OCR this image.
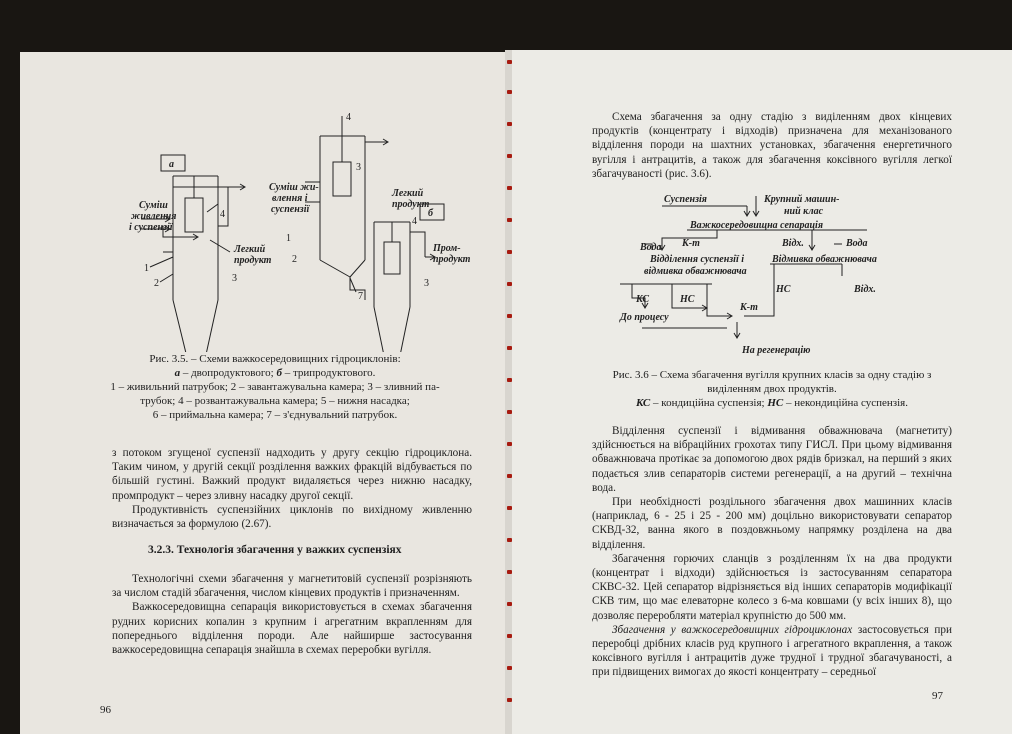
а
б
Суміш
живлення
і суспензії
Легкий
продукт
1
2	3
4
Суміш жи-
влення і
суспензії
Легкий
продукт
Пром-
продукт
1
2
3
3
4
4
7
Рис. 3.5. – Схеми важкосередовищних гідроциклонів:
а – двопродуктового; б – трипродуктового.
1 – живильний патрубок; 2 – завантажувальна камера; 3 – зливний па-
трубок; 4 – розвантажувальна камера; 5 – нижня насадка;
6 – приймальна камера; 7 – з'єднувальний патрубок.

з потоком згущеної суспензії надходить у другу секцію гідроциклона. Таким чином, у другій секції розділення важких фракцій відбувається по більшій густині. Важкий продукт видаляється через нижню насадку, промпродукт – через зливну насадку другої секції.

Продуктивність суспензійних циклонів по вихідному живленню визначається за формулою (2.67).

3.2.3. Технологія збагачення у важких суспензіях

Технологічні схеми збагачення у магнетитовій суспензії розрізняють за числом стадій збагачення, числом кінцевих продуктів і призначенням.

Важкосередовищна сепарація використовується в схемах збагачення рудних корисних копалин з крупним і агрегатним вкрапленням для попереднього відділення породи. Але найширше застосування важкосередовищна сепарація знайшла в схемах переробки вугілля.

96

Схема збагачення за одну стадію з виділенням двох кінцевих продуктів (концентрату і відходів) призначена для механізованого відділення породи на шахтних установках, збагачення енергетичного вугілля і антрацитів, а також для збагачення коксівного вугілля легкої збагачуваності (рис. 3.6).

Суспензія	Крупний машин-
ний клас
Важкосередовищна сепарація
Вода К-т	Відх.	Вода
Відділення суспензії і
відмивка обважнювача
Відмивка обважнювача
КС	НС
НС	Відх.
До процесу
К-т
На регенерацію
Рис. 3.6 – Схема збагачення вугілля крупних класів за одну стадію з
виділенням двох продуктів.
КС – кондиційна суспензія; НС – некондиційна суспензія.

Відділення суспензії і відмивання обважнювача (магнетиту) здійснюється на вібраційних грохотах типу ГИСЛ. При цьому відмивання обважнювача протікає за допомогою двох рядів бризкал, на перший з яких подається злив сепараторів системи регенерації, а на другий – технічна вода.

При необхідності роздільного збагачення двох машинних класів (наприклад, 6 - 25 і 25 - 200 мм) доцільно використовувати сепаратор СКВД-32, ванна якого в поздовжньому напрямку розділена на два відділення.

Збагачення горючих сланців з розділенням їх на два продукти (концентрат і відходи) здійснюється із застосуванням сепаратора СКВС-32. Цей сепаратор відрізняється від інших сепараторів модифікації СКВ тим, що має елеваторне колесо з 6-ма ковшами (у всіх інших 8), що дозволяє переробляти матеріал крупністю до 500 мм.

Збагачення у важкосередовищних гідроциклонах застосовується при переробці дрібних класів руд крупного і агрегатного вкраплення, а також коксівного вугілля і антрацитів дуже трудної і трудної збагачуваності, а при підвищених вимогах до якості концентрату – середньої

97
